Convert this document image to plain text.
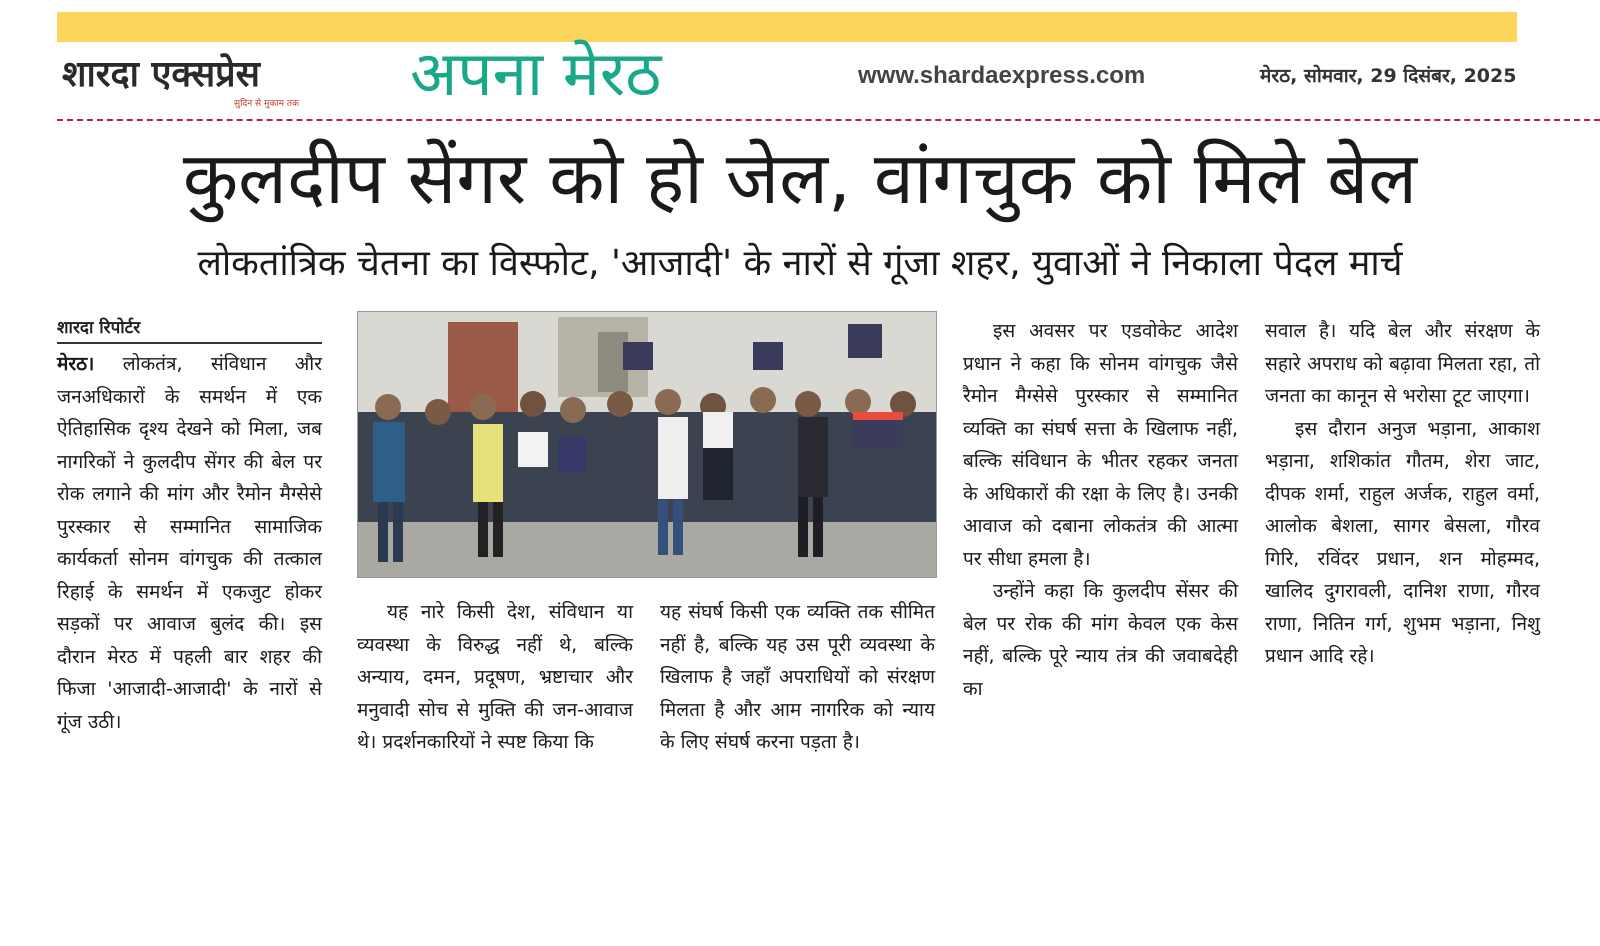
शारदा एक्सप्रेस
सुदिन से मुकाम तक अपना मेरठ	www.shardaexpress.com	मेरठ, सोमवार, 29 दिसंबर, 2025
कुलदीप सेंगर को हो जेल, वांगचुक को मिले बेल
लोकतांत्रिक चेतना का विस्फोट, 'आजादी' के नारों से गूंजा शहर, युवाओं ने निकाला पेदल मार्च
शारदा रिपोर्टर

मेरठ। लोकतंत्र, संविधान और जनअधिकारों के समर्थन में एक ऐतिहासिक दृश्य देखने को मिला, जब नागरिकों ने कुलदीप सेंगर की बेल पर रोक लगाने की मांग और रैमोन मैग्सेसे पुरस्कार से सम्मानित सामाजिक कार्यकर्ता सोनम वांगचुक की तत्काल रिहाई के समर्थन में एकजुट होकर सड़कों पर आवाज बुलंद की। इस दौरान मेरठ में पहली बार शहर की फिजा 'आजादी-आजादी' के नारों से गूंज उठी।

यह नारे किसी देश, संविधान या व्यवस्था के विरुद्ध नहीं थे, बल्कि अन्याय, दमन, प्रदूषण, भ्रष्टाचार और मनुवादी सोच से मुक्ति की जन-आवाज थे। प्रदर्शनकारियों ने स्पष्ट किया कि

यह संघर्ष किसी एक व्यक्ति तक सीमित नहीं है, बल्कि यह उस पूरी व्यवस्था के खिलाफ है जहाँ अपराधियों को संरक्षण मिलता है और आम नागरिक को न्याय के लिए संघर्ष करना पड़ता है।

इस अवसर पर एडवोकेट आदेश प्रधान ने कहा कि सोनम वांगचुक जैसे रैमोन मैग्सेसे पुरस्कार से सम्मानित व्यक्ति का संघर्ष सत्ता के खिलाफ नहीं, बल्कि संविधान के भीतर रहकर जनता के अधिकारों की रक्षा के लिए है। उनकी आवाज को दबाना लोकतंत्र की आत्मा पर सीधा हमला है।

उन्होंने कहा कि कुलदीप सेंसर की बेल पर रोक की मांग केवल एक केस नहीं, बल्कि पूरे न्याय तंत्र की जवाबदेही का

सवाल है। यदि बेल और संरक्षण के सहारे अपराध को बढ़ावा मिलता रहा, तो जनता का कानून से भरोसा टूट जाएगा।

इस दौरान अनुज भड़ाना, आकाश भड़ाना, शशिकांत गौतम, शेरा जाट, दीपक शर्मा, राहुल अर्जक, राहुल वर्मा, आलोक बेशला, सागर बेसला, गौरव गिरि, रविंदर प्रधान, शन मोहम्मद, खालिद दुगरावली, दानिश राणा, गौरव राणा, नितिन गर्ग, शुभम भड़ाना, निशु प्रधान आदि रहे।
